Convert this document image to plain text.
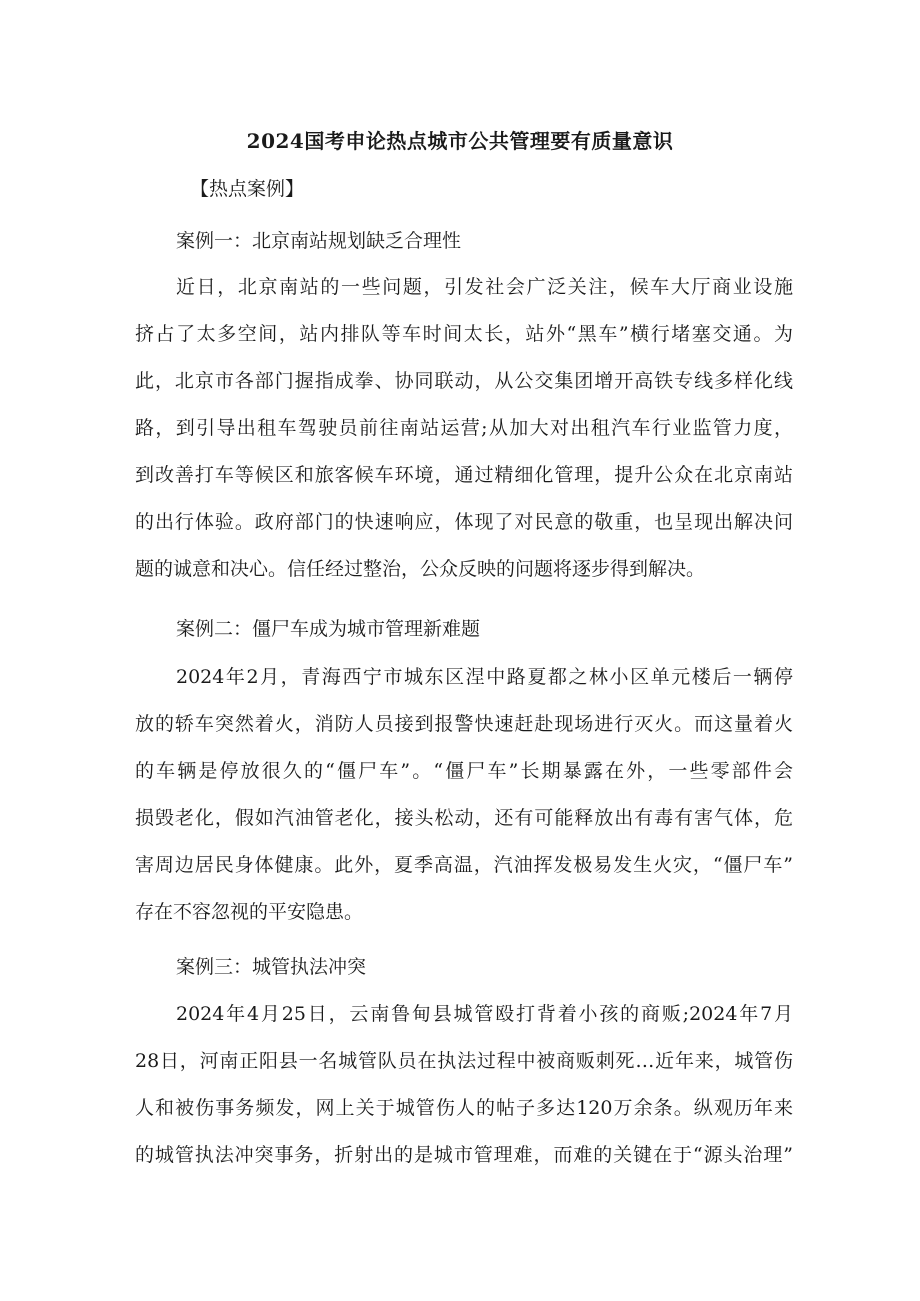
2024国考申论热点城市公共管理要有质量意识

【热点案例】

案例一：北京南站规划缺乏合理性

近日，北京南站的一些问题，引发社会广泛关注，候车大厅商业设施

挤占了太多空间，站内排队等车时间太长，站外“黑车”横行堵塞交通。为

此，北京市各部门握指成拳、协同联动，从公交集团增开高铁专线多样化线

路，到引导出租车驾驶员前往南站运营;从加大对出租汽车行业监管力度，

到改善打车等候区和旅客候车环境，通过精细化管理，提升公众在北京南站

的出行体验。政府部门的快速响应，体现了对民意的敬重，也呈现出解决问

题的诚意和决心。信任经过整治，公众反映的问题将逐步得到解决。

案例二：僵尸车成为城市管理新难题

2024年2月，青海西宁市城东区涅中路夏都之林小区单元楼后一辆停

放的轿车突然着火，消防人员接到报警快速赶赴现场进行灭火。而这量着火

的车辆是停放很久的“僵尸车”。“僵尸车”长期暴露在外，一些零部件会

损毁老化，假如汽油管老化，接头松动，还有可能释放出有毒有害气体，危

害周边居民身体健康。此外，夏季高温，汽油挥发极易发生火灾，“僵尸车”

存在不容忽视的平安隐患。

案例三：城管执法冲突

2024年4月25日，云南鲁甸县城管殴打背着小孩的商贩;2024年7月

28日，河南正阳县一名城管队员在执法过程中被商贩刺死…近年来，城管伤

人和被伤事务频发，网上关于城管伤人的帖子多达120万余条。纵观历年来

的城管执法冲突事务，折射出的是城市管理难，而难的关键在于“源头治理”
